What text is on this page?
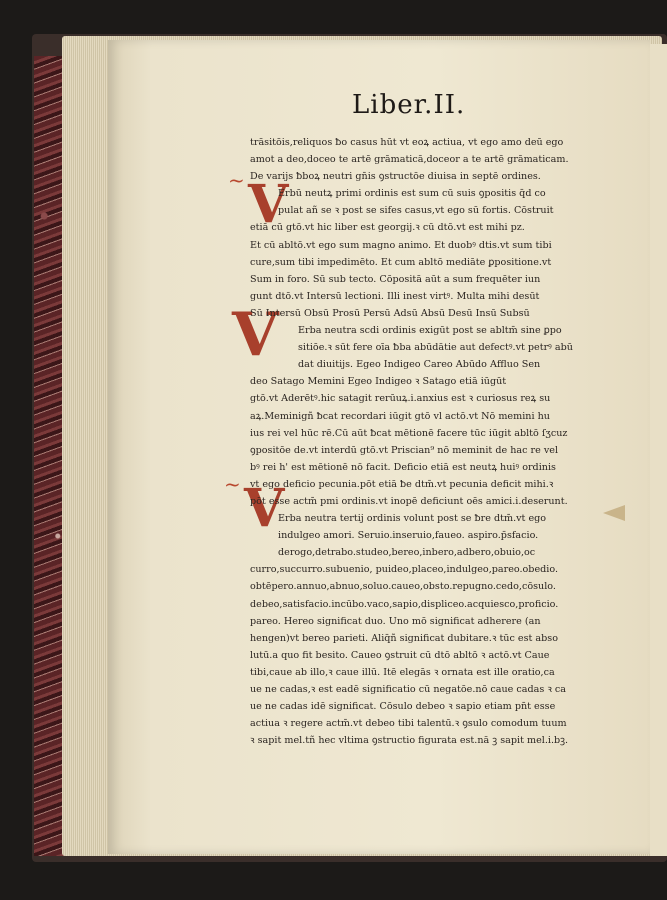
Liber.II.
V
V
V
~
~
trāsitōis,reliquos ƀo casus hūt vt eoꝝ actiua, vt ego amo deū ego
amot a deo,doceo te artē grāmaticā,doceor a te artē grāmaticam.
De varijs ƀboꝝ neutri gn̄is ꝯstructōe diuisa in septē ordines.
Erbū neutꝝ primi ordinis est sum cū suis ꝯpositis q̄d co
pulat añ se ꝛ post se sifes casus,vt ego sū fortis. Cōstruit
etiā cū gtō.vt hic liber est georgij.ꝛ cū dtō.vt est mihi pz.
Et cū abltō.vt ego sum magno animo. Et duobꝰ dtis.vt sum tibi
cure,sum tibi impedimēto. Et cum abltō mediāte ꝑpositione.vt
Sum in foro. Sū sub tecto. Cōpositā aūt a sum frequēter iun
gunt dtō.vt Intersū lectioni. Illi inest virtꝰ. Multa mihi desūt
Sū Intersū Obsū Prosū Persū Adsū Absū Desū Insū Subsū
Erba neutra scdi ordinis exigūt post se abltm̄ sine ꝑpo
sitiōe.ꝛ sūt fere oīa ƀba abūdātie aut defectꝰ.vt petrꝰ abū
dat diuitijs. Egeo Indigeo Careo Abūdo Affluo Sen
deo Satago Memini Egeo Indigeo ꝛ Satago etiā iūgūt
gtō.vt Aderētꝰ.hic satagit rerūuꝝ.i.anxius est ꝛ curiosus reꝝ su
aꝝ.Meminigñ ƀcat recordari iūgit gtō vl actō.vt Nō memini hu
ius rei vel hūc rē.Cū aūt ƀcat mētionē facere tūc iūgit abltō ſʒcuz
ꝯpositōe de.vt interdū gtō.vt Priscian⁹ nō meminit de hac re vel
bꝰ rei h' est mētionē nō facit. Deficio etiā est neutꝝ huiꝰ ordinis
vt ego deficio pecunia.pōt etiā ƀe dtm̄.vt pecunia deficit mihi.ꝛ
pōt esse actm̄ pmi ordinis.vt inopē deficiunt oēs amici.i.deserunt.
Erba neutra tertij ordinis volunt post se ƀre dtm̄.vt ego
indulgeo amori. Seruio.inseruio,faueo. aspiro.p̄sfacio.
derogo,detrabo.studeo,bereo,inbero,adbero,obuio,oc
curro,succurro.subuenio, puideo,placeo,indulgeo,pareo.obedio.
obtēpero.annuo,abnuo,soluo.caueo,obsto.repugno.cedo,cōsulo.
debeo,satisfacio.incūbo.vaco,sapio,displiceo.acquiesco,proficio.
pareo. Hereo significat duo. Uno mō significat adherere (an
hengen)vt bereo parieti. Aliq̄ñ significat dubitare.ꝛ tūc est abso
lutū.a quo fit besito. Caueo ꝯstruit cū dtō abltō ꝛ actō.vt Caue
tibi,caue ab illo,ꝛ caue illū. Itē elegās ꝛ ornata est ille oratio,ca
ue ne cadas,ꝛ est eadē significatio cū negatōe.nō caue cadas ꝛ ca
ue ne cadas idē significat. Cōsulo debeo ꝛ sapio etiam pn̄t esse
actiua ꝛ regere actm̄.vt debeo tibi talentū.ꝛ ꝯsulo comodum tuum
ꝛ sapit mel.tñ hec vltima ꝯstructio figurata est.nā ꝫ sapit mel.i.bꝫ.
